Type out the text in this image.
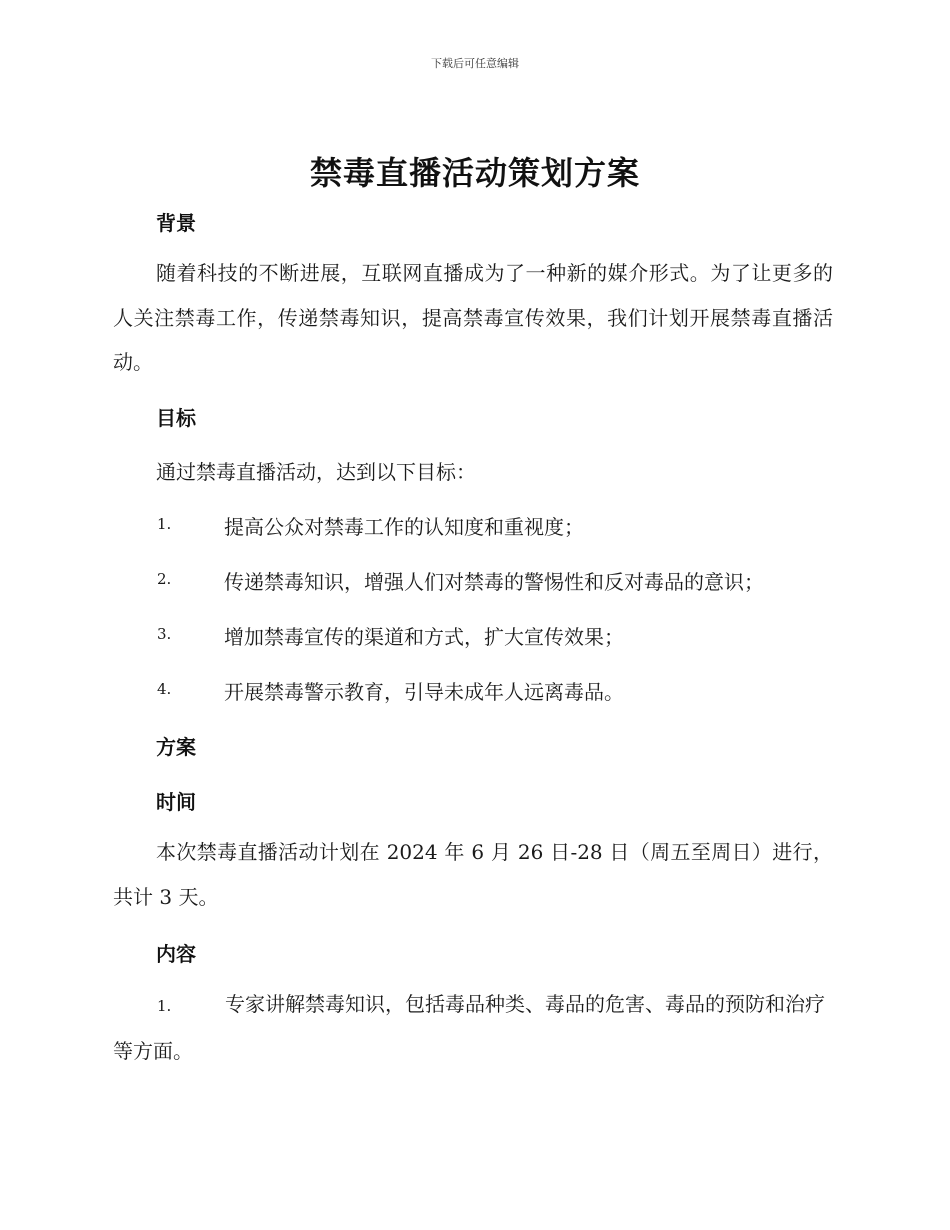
下载后可任意编辑
禁毒直播活动策划方案
背景
随着科技的不断进展，互联网直播成为了一种新的媒介形式。为了让更多的人关注禁毒工作，传递禁毒知识，提高禁毒宣传效果，我们计划开展禁毒直播活动。
目标
通过禁毒直播活动，达到以下目标：
1.	提高公众对禁毒工作的认知度和重视度；
2.	传递禁毒知识，增强人们对禁毒的警惕性和反对毒品的意识；
3.	增加禁毒宣传的渠道和方式，扩大宣传效果；
4.	开展禁毒警示教育，引导未成年人远离毒品。
方案
时间
本次禁毒直播活动计划在 2024 年 6 月 26 日-28 日（周五至周日）进行，共计 3 天。
内容
1.	专家讲解禁毒知识，包括毒品种类、毒品的危害、毒品的预防和治疗等方面。
